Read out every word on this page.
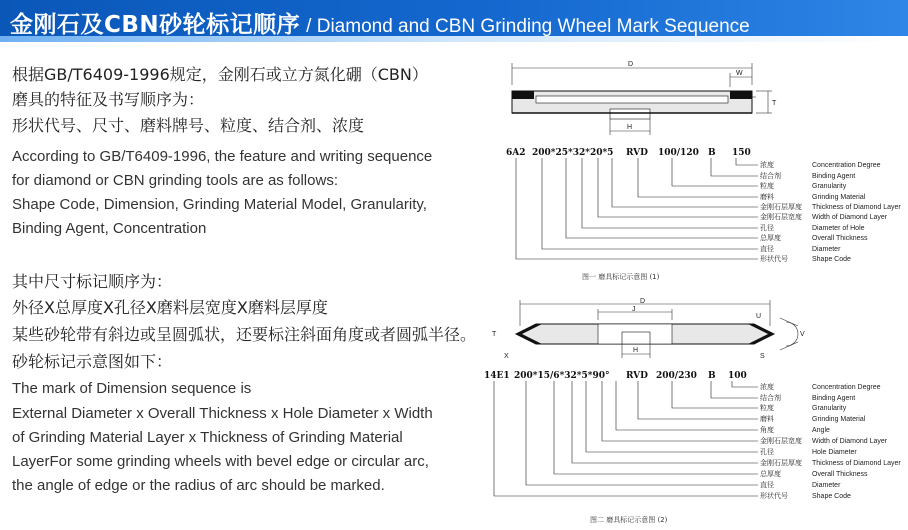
金刚石及CBN砂轮标记顺序 / Diamond and CBN Grinding Wheel Mark Sequence
根据GB/T6409-1996规定，金刚石或立方氮化硼（CBN）
磨具的特征及书写顺序为：
形状代号、尺寸、磨料牌号、粒度、结合剂、浓度
According to GB/T6409-1996, the feature and writing sequence
for diamond or CBN grinding tools are as follows:
Shape Code, Dimension, Grinding Material Model, Granularity,
Binding Agent, Concentration
其中尺寸标记顺序为：
外径X总厚度X孔径X磨料层宽度X磨料层厚度
某些砂轮带有斜边或呈圆弧状，还要标注斜面角度或者圆弧半径。
砂轮标记示意图如下：
The mark of Dimension sequence is
External Diameter x Overall Thickness x Hole Diameter x Width
of Grinding Material Layer x Thickness of Grinding Material
LayerFor some grinding wheels with bevel edge or circular arc,
the angle of edge or the radius of arc should be marked.
D
W
T
H
6A2 200*25*32*20*5 RVD 100/120 B 150
浓度	Concentration Degree
结合剂	Binding Agent
粒度	Granularity
磨料	Grinding Material
金刚石层厚度 Thickness of Diamond Layer
金刚石层宽度 Width of Diamond Layer
孔径	Diameter of Hole
总厚度	Overall Thickness
直径	Diameter
形状代号	Shape Code
图一 磨具标记示意图 (1)
D
J
H
U
T
X	S
V
14E1 200*15/6*32*5*90° RVD 200/230 B 100
浓度	Concentration Degree
结合剂	Binding Agent
粒度	Granularity
磨料	Grinding Material
角度	Angle
金刚石层宽度 Width of Diamond Layer
孔径	Hole Diameter
金刚石层厚度 Thickness of Diamond Layer
总厚度	Overall Thickness
直径	Diameter
形状代号	Shape Code
图二 磨具标记示意图 (2)
